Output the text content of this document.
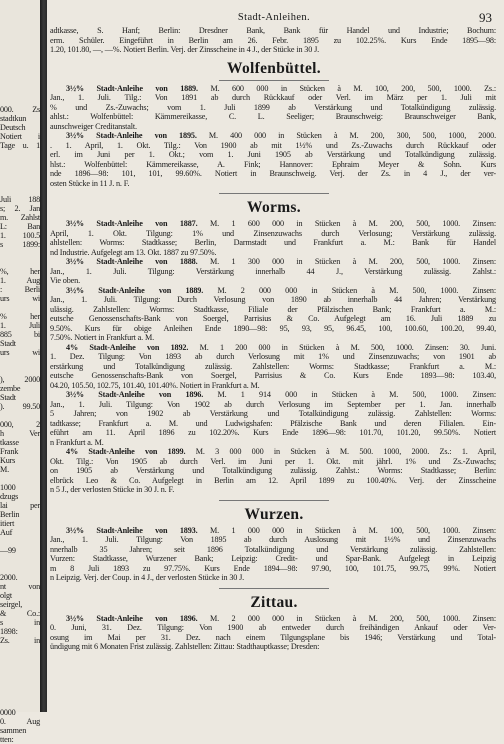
000. Zs
stadtkun
Deutsch
Notiert i
Tage u. 1
Juli 188
s; 2. Jan
m. Zahlst
L: Ban
1. 100.5
s 1899:
%, her
1. Aug
: Berli
urs wi
% her
1. Juli
885 bi
Stadt
urs wi
), 2000
zembe
Stadt
). 99.50
000, 2
h Ver
tkasse
Frank
Kurs
M.
1000
dzugs
lai per
Berlin
itiert
Auf
—99
2000.
nt von
olgt
seirgel,
& Co.:
s in
1898:
Zs. in
0000
0. Aug
sammen
tten:
Stadt-Anleihen.	93
adtkasse, S. Hanf; Berlin: Dresdner Bank, Bank für Handel und Industrie; Bochum:
erm. Schüler. Eingeführt in Berlin am 26. Febr. 1895 zu 102.25%. Kurs Ende 1895—98:
1.20, 101.80, —, —%. Notiert Berlin. Verj. der Zinsscheine in 4 J., der Stücke in 30 J.
Wolfenbüttel.
3½% Stadt-Anleihe von 1889. M. 600 000 in Stücken à M. 100, 200, 500, 1000. Zs.:
Jan., 1. Juli. Tilg.: Von 1891 ab durch Rückkauf oder Verl. im März per 1. Juli mit
% und Zs.-Zuwachs; vom 1. Juli 1899 ab Verstärkung und Totalkündigung zulässig.
ahlst.: Wolfenbüttel: Kämmereikasse, C. L. Seeliger; Braunschweig: Braunschweiger Bank,
aunschweiger Creditanstalt.
3½% Stadt-Anleihe von 1895. M. 400 000 in Stücken à M. 200, 300, 500, 1000, 2000.
. 1. April, 1. Okt. Tilg.: Von 1900 ab mit 1½% und Zs.-Zuwachs durch Rückkauf oder
erl. im Juni per 1. Okt.; vom 1. Juni 1905 ab Verstärkung und Totalkündigung zulässig.
hlst.: Wolfenbüttel: Kämmereikasse, A. Fink; Hannover: Ephraim Meyer & Sohn. Kurs
nde 1896—98: 101, 101, 99.60%. Notiert in Braunschweig. Verj. der Zs. in 4 J., der ver-
osten Stücke in 11 J. n. F.
Worms.
3½% Stadt-Anleihe von 1887. M. 1 600 000 in Stücken à M. 200, 500, 1000. Zinsen:
April, 1. Okt. Tilgung: 1% und Zinsenzuwachs durch Verlosung; Verstärkung zulässig.
ahlstellen: Worms: Stadtkasse; Berlin, Darmstadt und Frankfurt a. M.: Bank für Handel
nd Industrie. Aufgelegt am 13. Okt. 1887 zu 97.50%.
3½% Stadt-Anleihe von 1888. M. 1 300 000 in Stücken à M. 200, 500, 1000. Zinsen:
Jan., 1. Juli. Tilgung: Verstärkung innerhalb 44 J., Verstärkung zulässig. Zahlst.:
Vie oben.
3½% Stadt-Anleihe von 1889. M. 2 000 000 in Stücken à M. 500, 1000. Zinsen:
Jan., 1. Juli. Tilgung: Durch Verlosung von 1890 ab innerhalb 44 Jahren; Verstärkung
ulässig. Zahlstellen: Worms: Stadtkasse, Filiale der Pfälzischen Bank; Frankfurt a. M.:
eutsche Genossenschafts-Bank von Soergel, Parrisius & Co. Aufgelegt am 16. Juli 1889 zu
9.50%. Kurs für obige Anleihen Ende 1890—98: 95, 93, 95, 96.45, 100, 100.60, 100.20, 99.40,
7.50%. Notiert in Frankfurt a. M.
4% Stadt-Anleihe von 1892. M. 1 200 000 in Stücken à M. 500, 1000. Zinsen: 30. Juni.
1. Dez. Tilgung: Von 1893 ab durch Verlosung mit 1% und Zinsenzuwachs; von 1901 ab
erstärkung und Totalkündigung zulässig. Zahlstellen: Worms: Stadtkasse; Frankfurt a. M.:
eutsche Genossenschafts-Bank von Soergel, Parrisius & Co. Kurs Ende 1893—98: 103.40,
04.20, 105.50, 102.75, 101.40, 101.40%. Notiert in Frankfurt a. M.
3½% Stadt-Anleihe von 1896. M. 1 914 000 in Stücken à M. 500, 1000. Zinsen:
Jan., 1. Juli. Tilgung: Von 1902 ab durch Verlosung im September per 1. Jan. innerhalb
5 Jahren; von 1902 ab Verstärkung und Totalkündigung zulässig. Zahlstellen: Worms:
tadtkasse; Frankfurt a. M. und Ludwigshafen: Pfälzische Bank und deren Filialen. Ein-
eführt am 11. April 1896 zu 102.20%. Kurs Ende 1896—98: 101.70, 101.20, 99.50%. Notiert
n Frankfurt a. M.
4% Stadt-Anleihe von 1899. M. 3 000 000 in Stücken à M. 500. 1000, 2000. Zs.: 1. April,
Okt. Tilg.: Von 1905 ab durch Verl. im Juni per 1. Okt. mit jährl. 1% und Zs.-Zuwachs;
on 1905 ab Verstärkung und Totalkündigung zulässig. Zahlst.: Worms: Stadtkasse; Berlin:
elbrück Leo & Co. Aufgelegt in Berlin am 12. April 1899 zu 100.40%. Verj. der Zinsscheine
n 5 J., der verlosten Stücke in 30 J. n. F.
Wurzen.
3½% Stadt-Anleihe von 1893. M. 1 000 000 in Stücken à M. 100, 500, 1000. Zinsen:
Jan., 1. Juli. Tilgung: Von 1895 ab durch Auslosung mit 1½% und Zinsenzuwachs
nnerhalb 35 Jahren; seit 1896 Totalkündigung und Verstärkung zulässig. Zahlstellen:
Vurzen: Stadtkasse, Wurzener Bank; Leipzig: Credit- und Spar-Bank. Aufgelegt in Leipzig
m 8 Juli 1893 zu 97.75%. Kurs Ende 1894—98: 97.90, 100, 101.75, 99.75, 99%. Notiert
n Leipzig. Verj. der Coup. in 4 J., der verlosten Stücke in 30 J.
Zittau.
3½% Stadt-Anleihe von 1896. M. 2 000 000 in Stücken à M. 200, 500, 1000. Zinsen:
0. Juni, 31. Dez. Tilgung: Von 1900 ab entweder durch freihändigen Ankauf oder Ver-
osung im Mai per 31. Dez. nach einem Tilgungsplane bis 1946; Verstärkung und Total-
ündigung mit 6 Monaten Frist zulässig. Zahlstellen: Zittau: Stadthauptkasse; Dresden:
